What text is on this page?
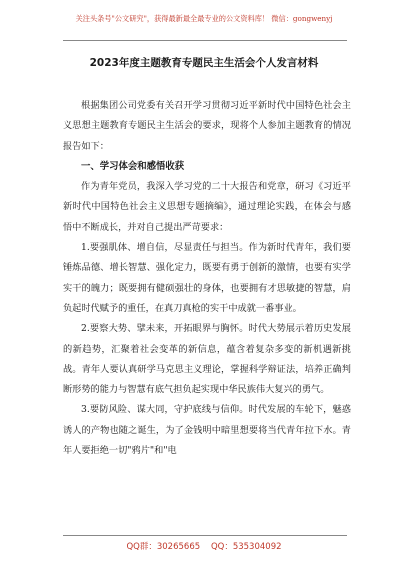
关注头条号"公文研究"，获得最新最全最专业的公文资料库！ 微信：gongwenyj
2023年度主题教育专题民主生活会个人发言材料

根据集团公司党委有关召开学习贯彻习近平新时代中国特色社会主义思想主题教育专题民主生活会的要求，现将个人参加主题教育的情况报告如下：

一、学习体会和感悟收获

作为青年党员，我深入学习党的二十大报告和党章，研习《习近平新时代中国特色社会主义思想专题摘编》，通过理论实践，在体会与感悟中不断成长，并对自己提出严苛要求：

1.要强肌体、增自信，尽显责任与担当。作为新时代青年，我们要锤炼品德、增长智慧、强化定力，既要有勇于创新的激情，也要有实学实干的魄力；既要拥有健硕强壮的身体，也要拥有才思敏捷的智慧，肩负起时代赋予的重任，在真刀真枪的实干中成就一番事业。

2.要察大势、擘未来，开拓眼界与胸怀。时代大势展示着历史发展的新趋势，汇聚着社会变革的新信息，蕴含着复杂多变的新机遇新挑战。青年人要认真研学马克思主义理论，掌握科学辩证法，培养正确判断形势的能力与智慧有底气担负起实现中华民族伟大复兴的勇气。

3.要防风险、谋大同，守护底线与信仰。时代发展的车轮下，魅惑诱人的产物也随之诞生，为了金钱明中暗里想要将当代青年拉下水。青年人要拒绝一切"鸦片"和"电

QQ群：30265665 QQ：535304092
